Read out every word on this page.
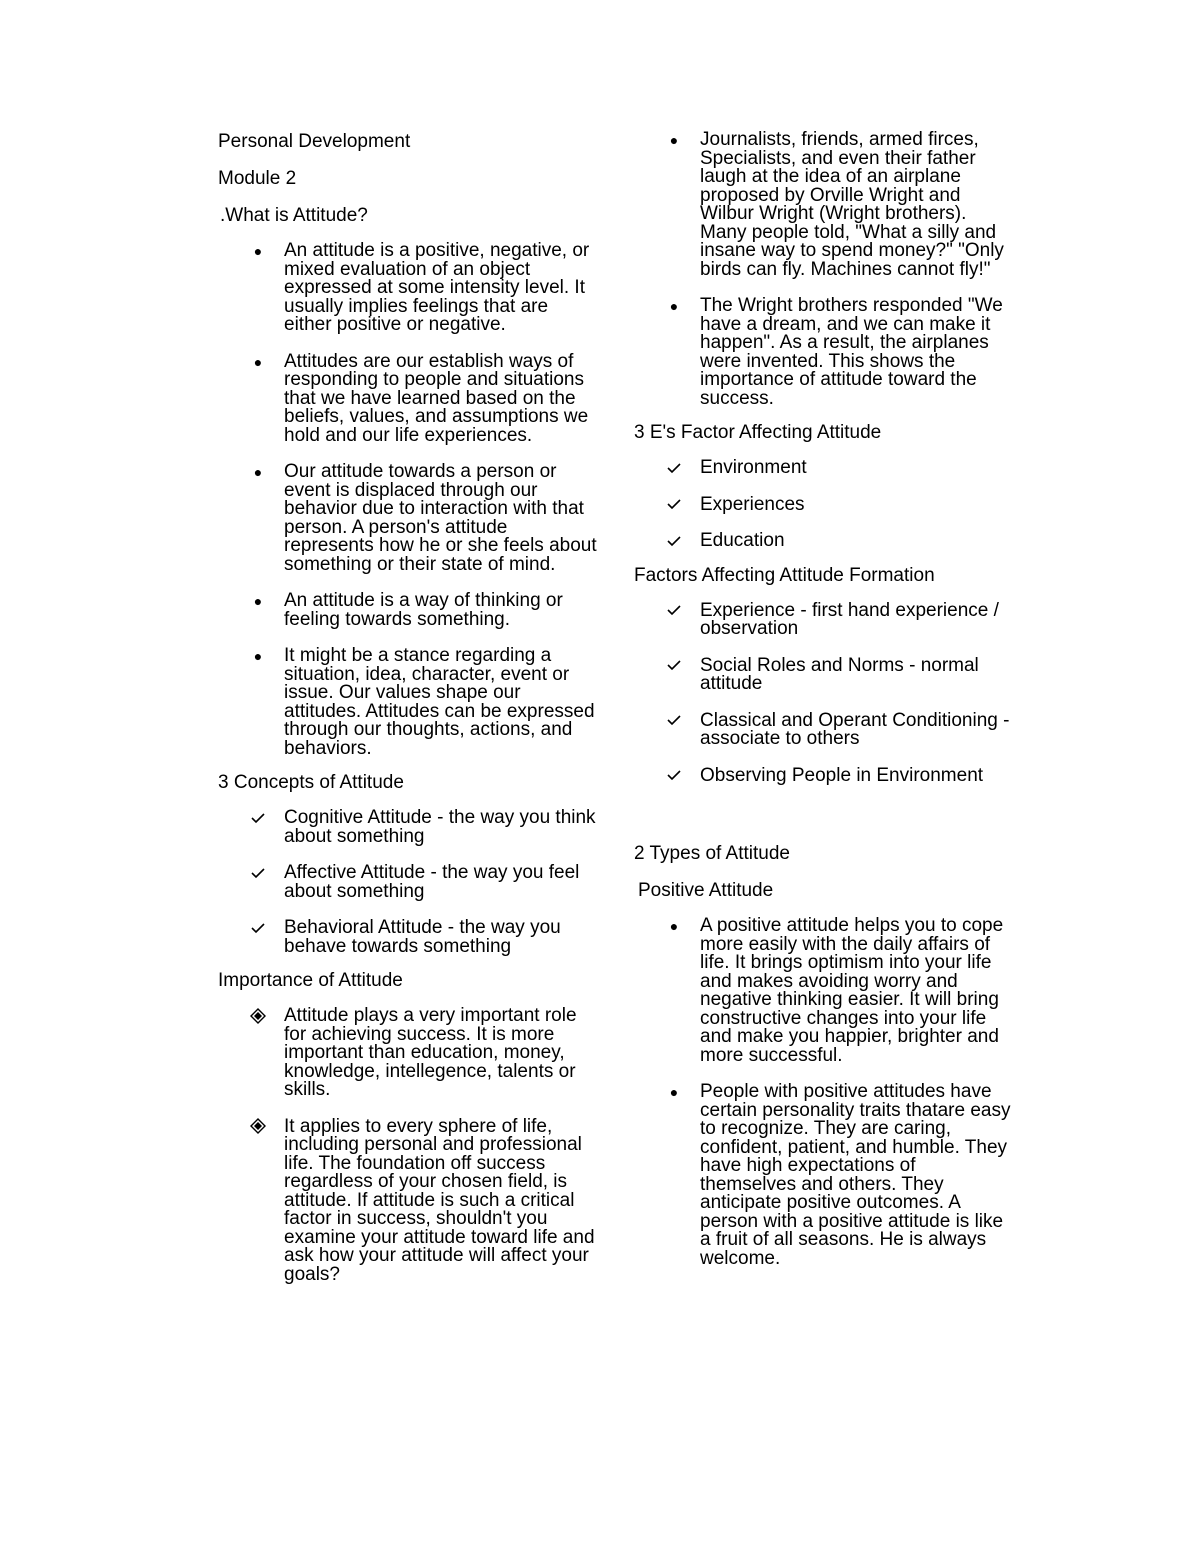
Personal Development
Module 2
.What is Attitude?
●	An attitude is a positive, negative, or mixed evaluation of an object expressed at some intensity level. It usually implies feelings that are either positive or negative.
●	Attitudes are our establish ways of responding to people and situations that we have learned based on the beliefs, values, and assumptions we hold and our life experiences.
●	Our attitude towards a person or event is displaced through our behavior due to interaction with that person. A person's attitude represents how he or she feels about something or their state of mind.
●	An attitude is a way of thinking or feeling towards something.
●	It might be a stance regarding a situation, idea, character, event or issue. Our values shape our attitudes. Attitudes can be expressed through our thoughts, actions, and behaviors.
3 Concepts of Attitude
Cognitive Attitude - the way you think about something
Affective Attitude - the way you feel about something
Behavioral Attitude - the way you behave towards something
Importance of Attitude
Attitude plays a very important role for achieving success. It is more important than education, money, knowledge, intellegence, talents or skills.
It applies to every sphere of life, including personal and professional life. The foundation off success regardless of your chosen field, is attitude. If attitude is such a critical factor in success, shouldn't you examine your attitude toward life and ask how your attitude will affect your goals?
●	Journalists, friends, armed firces, Specialists, and even their father laugh at the idea of an airplane proposed by Orville Wright and Wilbur Wright (Wright brothers). Many people told, "What a silly and insane way to spend money?" "Only birds can fly. Machines cannot fly!"
●	The Wright brothers responded "We have a dream, and we can make it happen". As a result, the airplanes were invented. This shows the importance of attitude toward the success.
3 E's Factor Affecting Attitude
Environment
Experiences
Education
Factors Affecting Attitude Formation
Experience - first hand experience / observation
Social Roles and Norms - normal attitude
Classical and Operant Conditioning - associate to others
Observing People in Environment
2 Types of Attitude
Positive Attitude
●	A positive attitude helps you to cope more easily with the daily affairs of life. It brings optimism into your life and makes avoiding worry and negative thinking easier. It will bring constructive changes into your life and make you happier, brighter and more successful.
●	People with positive attitudes have certain personality traits thatare easy to recognize. They are caring, confident, patient, and humble. They have high expectations of themselves and others. They anticipate positive outcomes. A person with a positive attitude is like a fruit of all seasons. He is always welcome.
